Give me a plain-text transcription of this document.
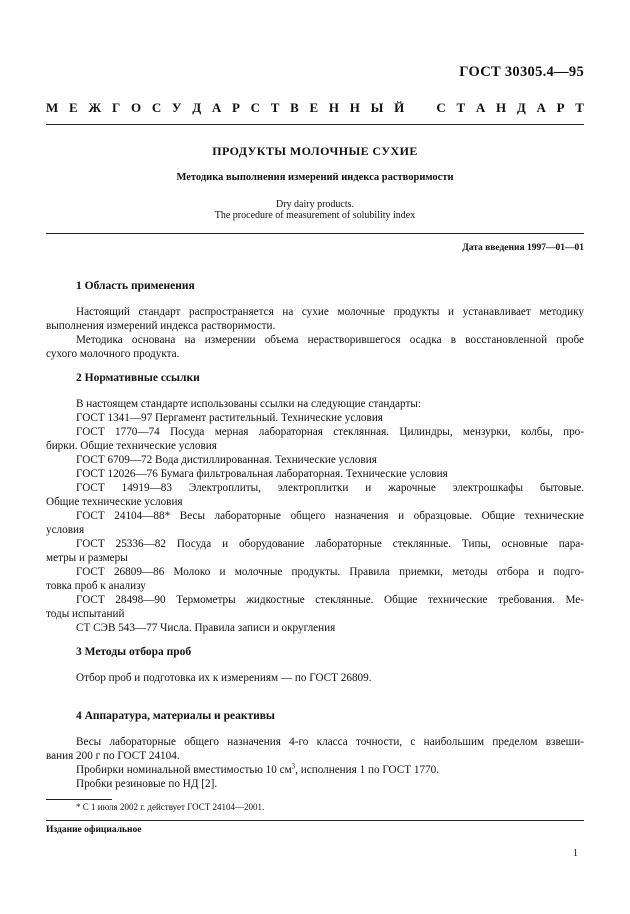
ГОСТ 30305.4—95
М Е Ж Г О С У Д А Р С Т В Е Н Н Ы Й С Т А Н Д А Р Т
ПРОДУКТЫ МОЛОЧНЫЕ СУХИЕ
Методика выполнения измерений индекса растворимости
Dry dairy products.
The procedure of measurement of solubility index
Дата введения 1997—01—01
1 Область применения
Настоящий стандарт распространяется на сухие молочные продукты и устанавливает методику
выполнения измерений индекса растворимости.
Методика основана на измерении объема нерастворившегося осадка в восстановленной пробе
сухого молочного продукта.
2 Нормативные ссылки
В настоящем стандарте использованы ссылки на следующие стандарты:
ГОСТ 1341—97 Пергамент растительный. Технические условия
ГОСТ 1770—74 Посуда мерная лабораторная стеклянная. Цилиндры, мензурки, колбы, про-
бирки. Общие технические условия
ГОСТ 6709—72 Вода дистиллированная. Технические условия
ГОСТ 12026—76 Бумага фильтровальная лабораторная. Технические условия
ГОСТ 14919—83 Электроплиты, электроплитки и жарочные электрошкафы бытовые.
Общие технические условия
ГОСТ 24104—88* Весы лабораторные общего назначения и образцовые. Общие технические
условия
ГОСТ 25336—82 Посуда и оборудование лабораторные стеклянные. Типы, основные пара-
метры и размеры
ГОСТ 26809—86 Молоко и молочные продукты. Правила приемки, методы отбора и подго-
товка проб к анализу
ГОСТ 28498—90 Термометры жидкостные стеклянные. Общие технические требования. Ме-
тоды испытаний
СТ СЭВ 543—77 Числа. Правила записи и округления
3 Методы отбора проб
Отбор проб и подготовка их к измерениям — по ГОСТ 26809.
4 Аппаратура, материалы и реактивы
Весы лабораторные общего назначения 4-го класса точности, с наибольшим пределом взвеши-
вания 200 г по ГОСТ 24104.
Пробирки номинальной вместимостью 10 $см^3$, исполнения 1 по ГОСТ 1770.
Пробки резиновые по НД [2].
* С 1 июля 2002 г. действует ГОСТ 24104—2001.
Издание официальное
1
